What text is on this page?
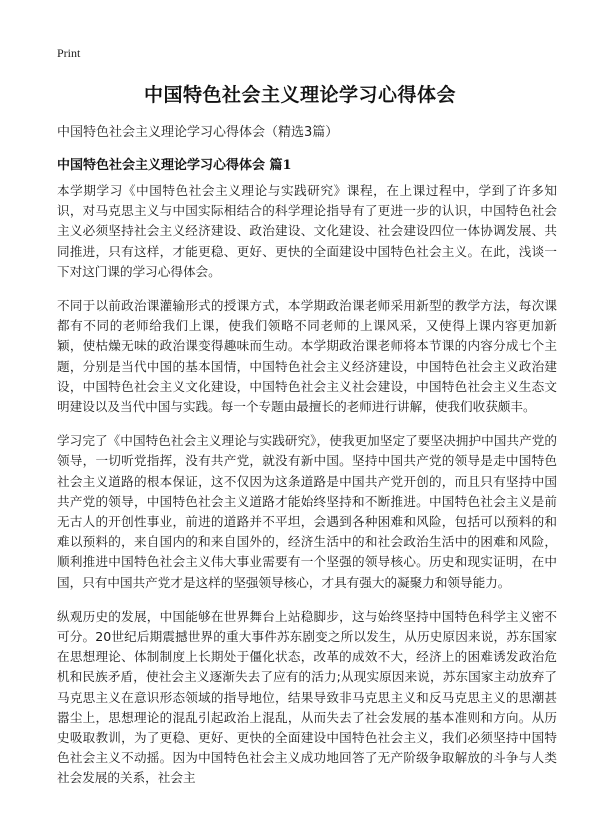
Print
中国特色社会主义理论学习心得体会
中国特色社会主义理论学习心得体会（精选3篇）
中国特色社会主义理论学习心得体会 篇1

本学期学习《中国特色社会主义理论与实践研究》课程，在上课过程中，学到了许多知识，对马克思主义与中国实际相结合的科学理论指导有了更进一步的认识，中国特色社会主义必须坚持社会主义经济建设、政治建设、文化建设、社会建设四位一体协调发展、共同推进，只有这样，才能更稳、更好、更快的全面建设中国特色社会主义。在此，浅谈一下对这门课的学习心得体会。

不同于以前政治课灌输形式的授课方式，本学期政治课老师采用新型的教学方法，每次课都有不同的老师给我们上课，使我们领略不同老师的上课风采，又使得上课内容更加新颖，使枯燥无味的政治课变得趣味而生动。本学期政治课老师将本节课的内容分成七个主题，分别是当代中国的基本国情，中国特色社会主义经济建设，中国特色社会主义政治建设，中国特色社会主义文化建设，中国特色社会主义社会建设，中国特色社会主义生态文明建设以及当代中国与实践。每一个专题由最擅长的老师进行讲解，使我们收获颇丰。

学习完了《中国特色社会主义理论与实践研究》，使我更加坚定了要坚决拥护中国共产党的领导，一切听党指挥，没有共产党，就没有新中国。坚持中国共产党的领导是走中国特色社会主义道路的根本保证，这不仅因为这条道路是中国共产党开创的，而且只有坚持中国共产党的领导，中国特色社会主义道路才能始终坚持和不断推进。中国特色社会主义是前无古人的开创性事业，前进的道路并不平坦，会遇到各种困难和风险，包括可以预料的和难以预料的，来自国内的和来自国外的，经济生活中的和社会政治生活中的困难和风险，顺利推进中国特色社会主义伟大事业需要有一个坚强的领导核心。历史和现实证明，在中国，只有中国共产党才是这样的坚强领导核心，才具有强大的凝聚力和领导能力。

纵观历史的发展，中国能够在世界舞台上站稳脚步，这与始终坚持中国特色科学主义密不可分。20世纪后期震撼世界的重大事件苏东剧变之所以发生，从历史原因来说，苏东国家在思想理论、体制制度上长期处于僵化状态，改革的成效不大，经济上的困难诱发政治危机和民族矛盾，使社会主义逐渐失去了应有的活力;从现实原因来说，苏东国家主动放弃了马克思主义在意识形态领域的指导地位，结果导致非马克思主义和反马克思主义的思潮甚嚣尘上，思想理论的混乱引起政治上混乱，从而失去了社会发展的基本准则和方向。从历史吸取教训，为了更稳、更好、更快的全面建设中国特色社会主义，我们必须坚持中国特色社会主义不动摇。因为中国特色社会主义成功地回答了无产阶级争取解放的斗争与人类社会发展的关系，社会主
